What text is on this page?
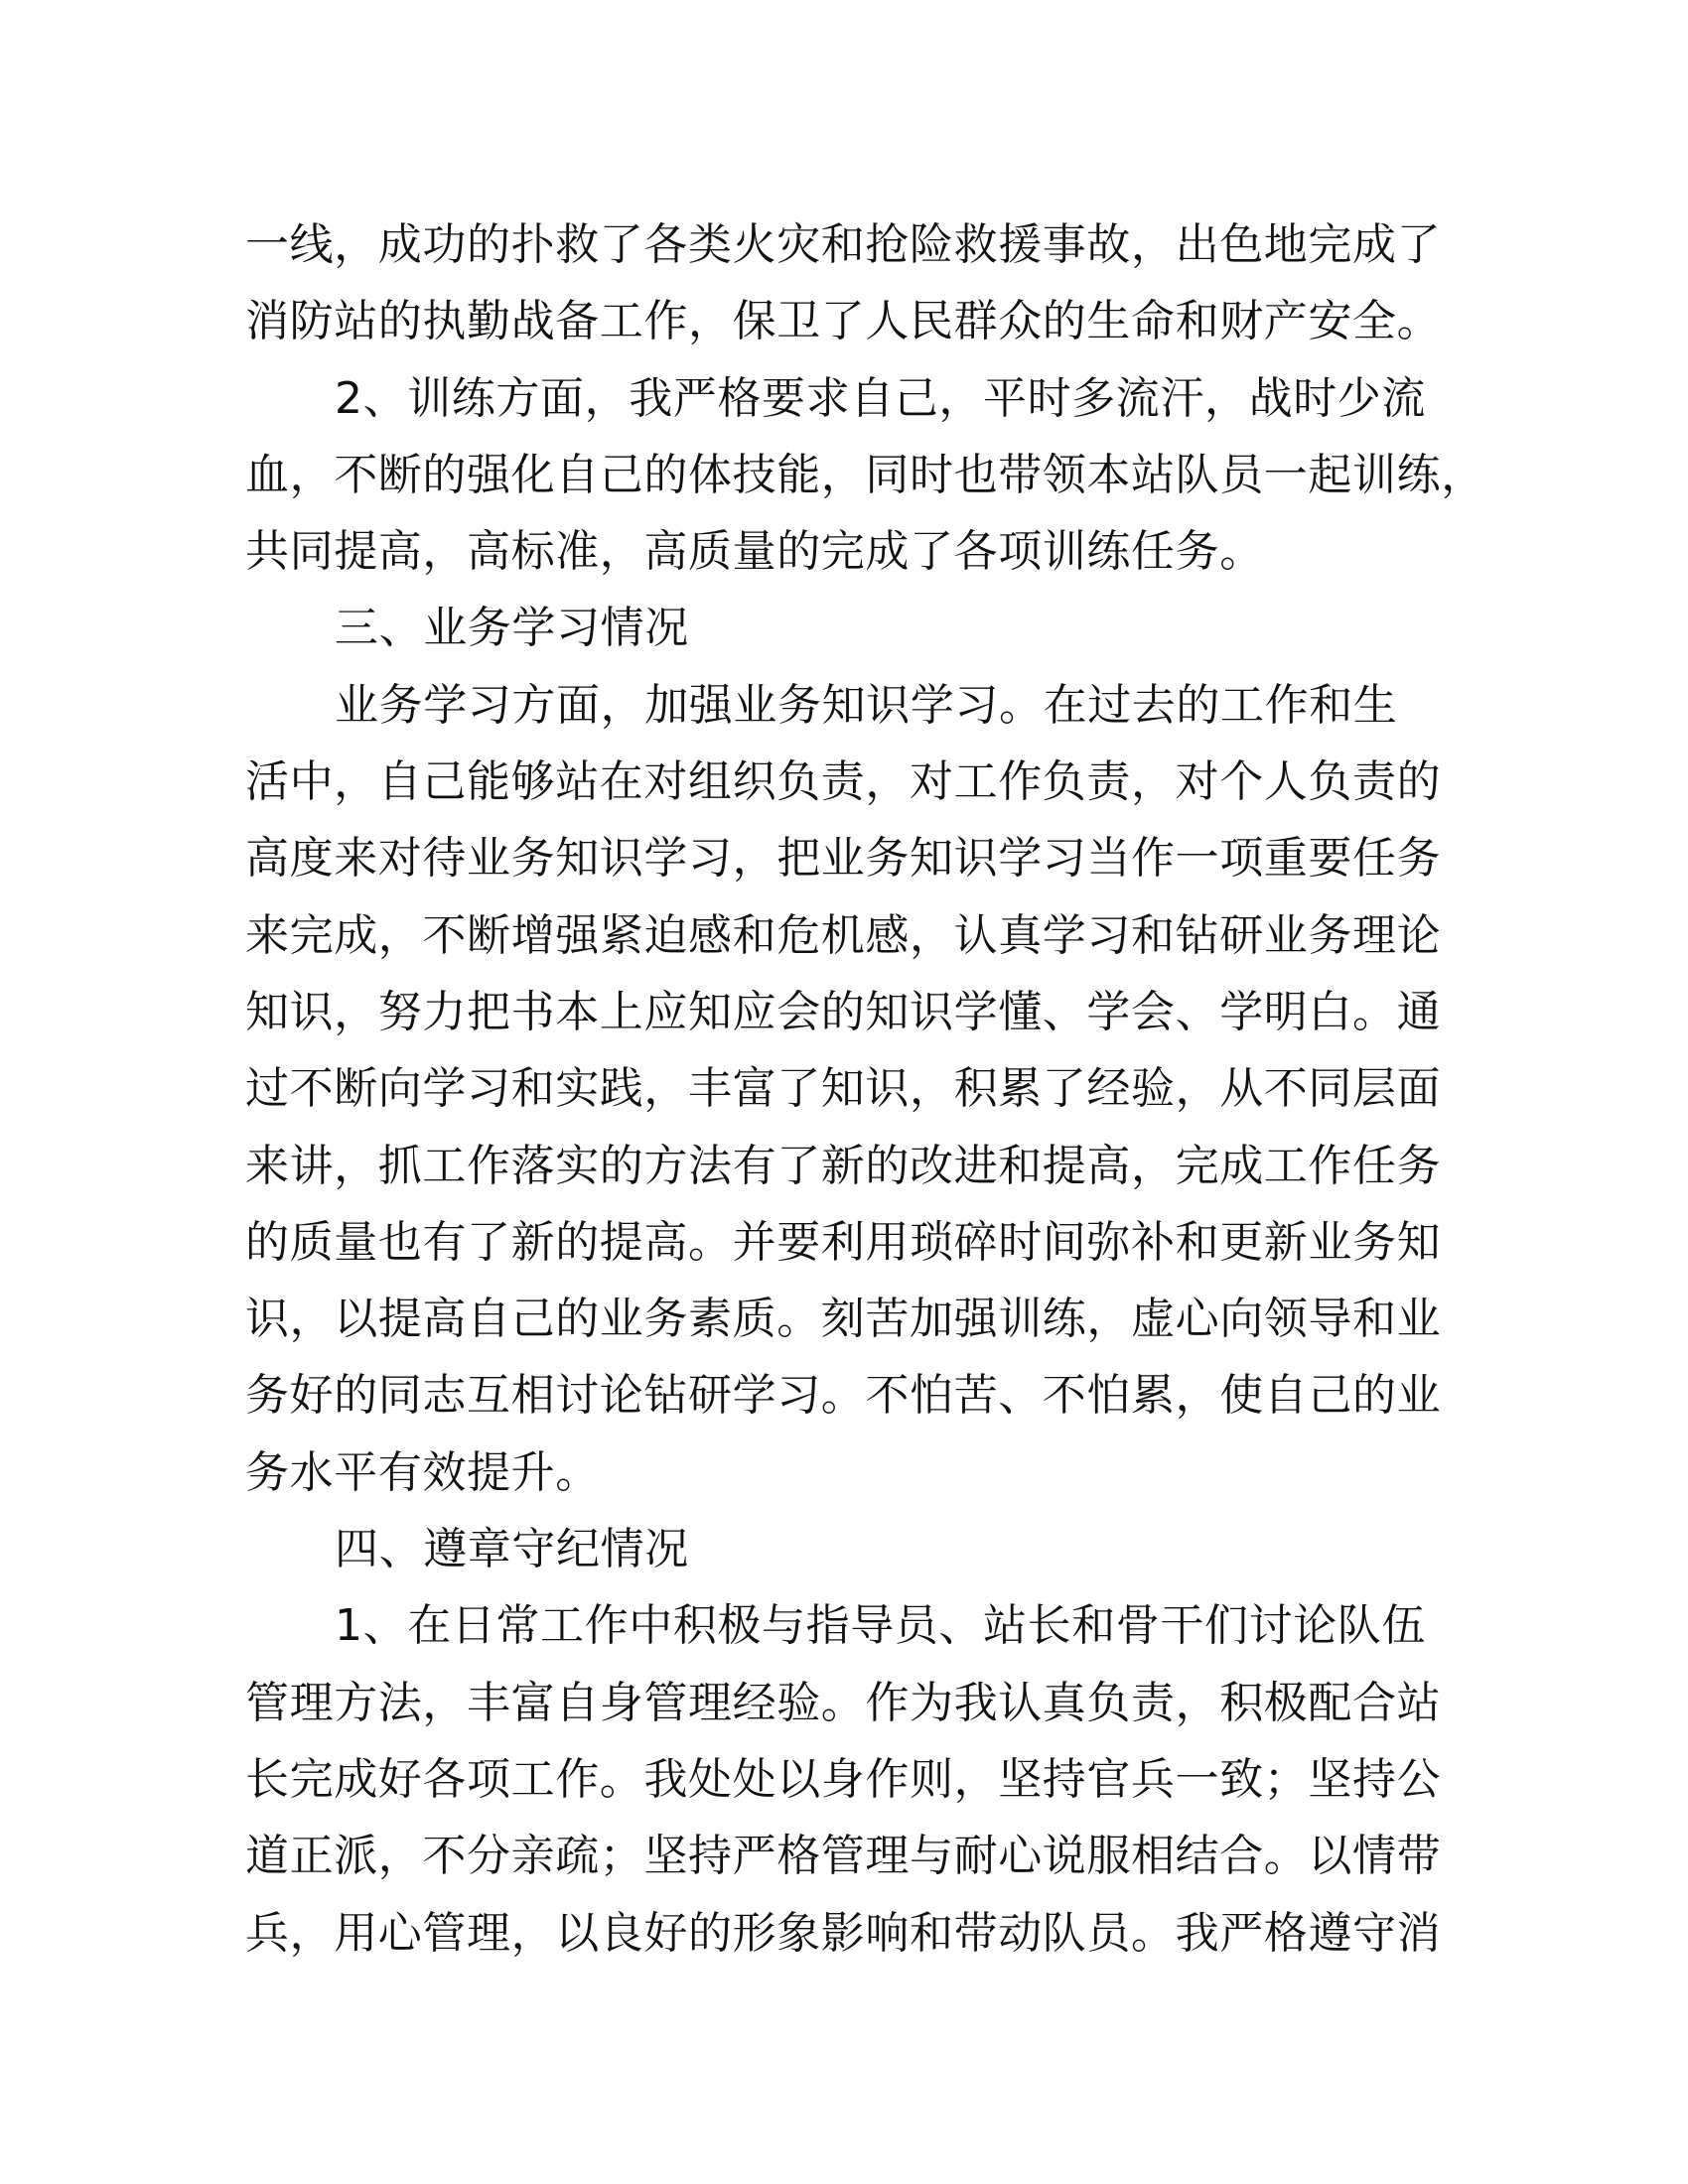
一线，成功的扑救了各类火灾和抢险救援事故，出色地完成了
消防站的执勤战备工作，保卫了人民群众的生命和财产安全。
2、训练方面，我严格要求自己，平时多流汗，战时少流
血，不断的强化自己的体技能，同时也带领本站队员一起训练，
共同提高，高标准，高质量的完成了各项训练任务。
三、业务学习情况
业务学习方面，加强业务知识学习。在过去的工作和生
活中，自己能够站在对组织负责，对工作负责，对个人负责的
高度来对待业务知识学习，把业务知识学习当作一项重要任务
来完成，不断增强紧迫感和危机感，认真学习和钻研业务理论
知识，努力把书本上应知应会的知识学懂、学会、学明白。通
过不断向学习和实践，丰富了知识，积累了经验，从不同层面
来讲，抓工作落实的方法有了新的改进和提高，完成工作任务
的质量也有了新的提高。并要利用琐碎时间弥补和更新业务知
识，以提高自己的业务素质。刻苦加强训练，虚心向领导和业
务好的同志互相讨论钻研学习。不怕苦、不怕累，使自己的业
务水平有效提升。
四、遵章守纪情况
1、在日常工作中积极与指导员、站长和骨干们讨论队伍
管理方法，丰富自身管理经验。作为我认真负责，积极配合站
长完成好各项工作。我处处以身作则，坚持官兵一致；坚持公
道正派，不分亲疏；坚持严格管理与耐心说服相结合。以情带
兵，用心管理，以良好的形象影响和带动队员。我严格遵守消
